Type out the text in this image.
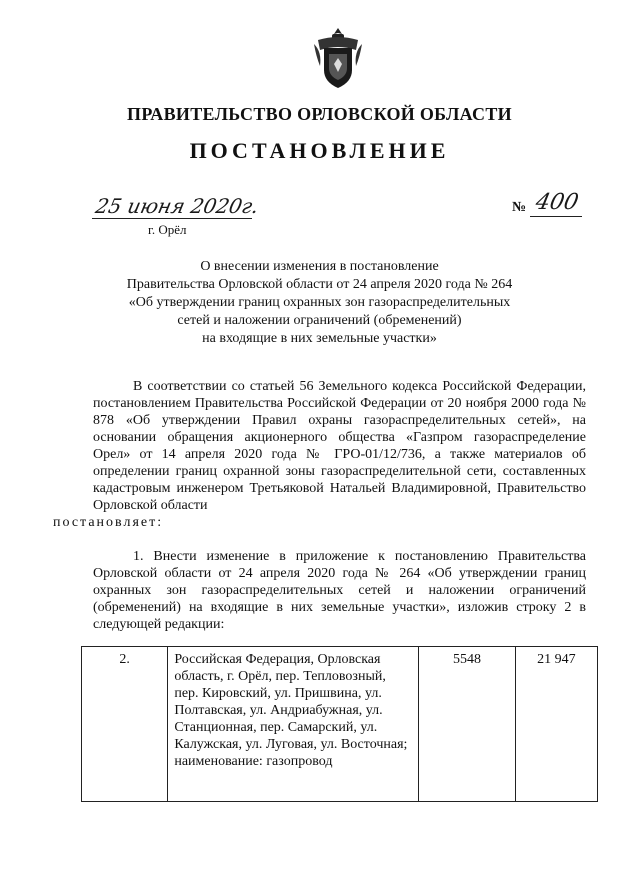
ПРАВИТЕЛЬСТВО ОРЛОВСКОЙ ОБЛАСТИ
ПОСТАНОВЛЕНИЕ
25 июня 2020г.
г. Орёл
№ 400
О внесении изменения в постановление
Правительства Орловской области от 24 апреля 2020 года № 264
«Об утверждении границ охранных зон газораспределительных
сетей и наложении ограничений (обременений)
на входящие в них земельные участки»
В соответствии со статьей 56 Земельного кодекса Российской Федерации, постановлением Правительства Российской Федерации от 20 ноября 2000 года № 878 «Об утверждении Правил охраны газораспределительных сетей», на основании обращения акционерного общества «Газпром газораспределение Орел» от 14 апреля 2020 года № ГРО-01/12/736, а также материалов об определении границ охранной зоны газораспределительной сети, составленных кадастровым инженером Третьяковой Натальей Владимировной, Правительство Орловской области
постановляет:
1. Внести изменение в приложение к постановлению Правительства Орловской области от 24 апреля 2020 года № 264 «Об утверждении границ охранных зон газораспределительных сетей и наложении ограничений (обременений) на входящие в них земельные участки», изложив строку 2 в следующей редакции:
2.	Российская Федерация, Орловская область, г. Орёл, пер. Тепловозный, пер. Кировский, ул. Пришвина, ул. Полтавская, ул. Андриабужная, ул. Станционная, пер. Самарский, ул. Калужская, ул. Луговая, ул. Восточная; наименование: газопровод	5548	21 947
